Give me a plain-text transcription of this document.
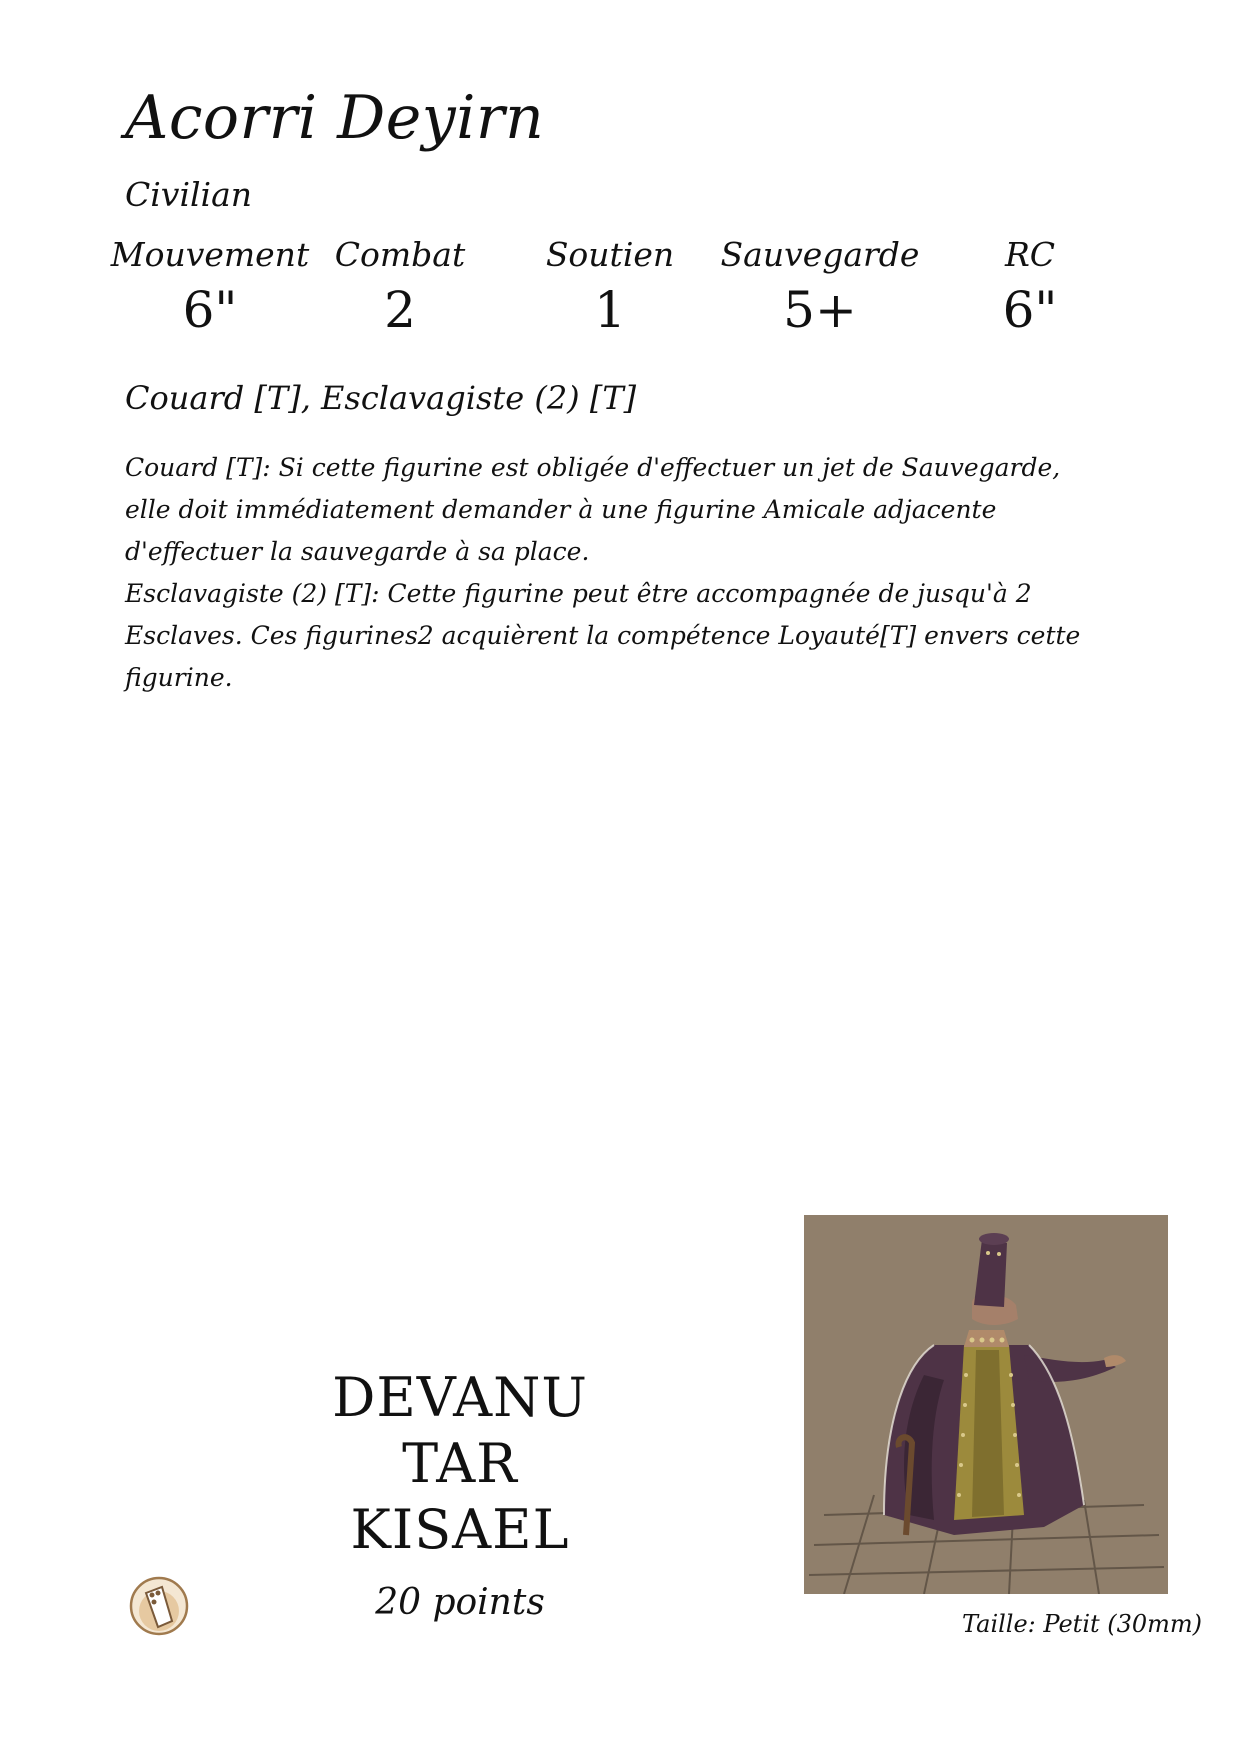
Acorri Deyirn
Civilian
Mouvement
6"
Combat
2
Soutien
1
Sauvegarde
5+
RC
6"
Couard [T], Esclavagiste (2) [T]

Couard [T]: Si cette figurine est obligée d'effectuer un jet de Sauvegarde, elle doit immédiatement demander à une figurine Amicale adjacente d'effectuer la sauvegarde à sa place.

Esclavagiste (2) [T]: Cette figurine peut être accompagnée de jusqu'à 2 Esclaves. Ces figurines2 acquièrent la compétence Loyauté[T] envers cette figurine.

DEVANU
TAR
KISAEL
20 points
Taille: Petit (30mm)
